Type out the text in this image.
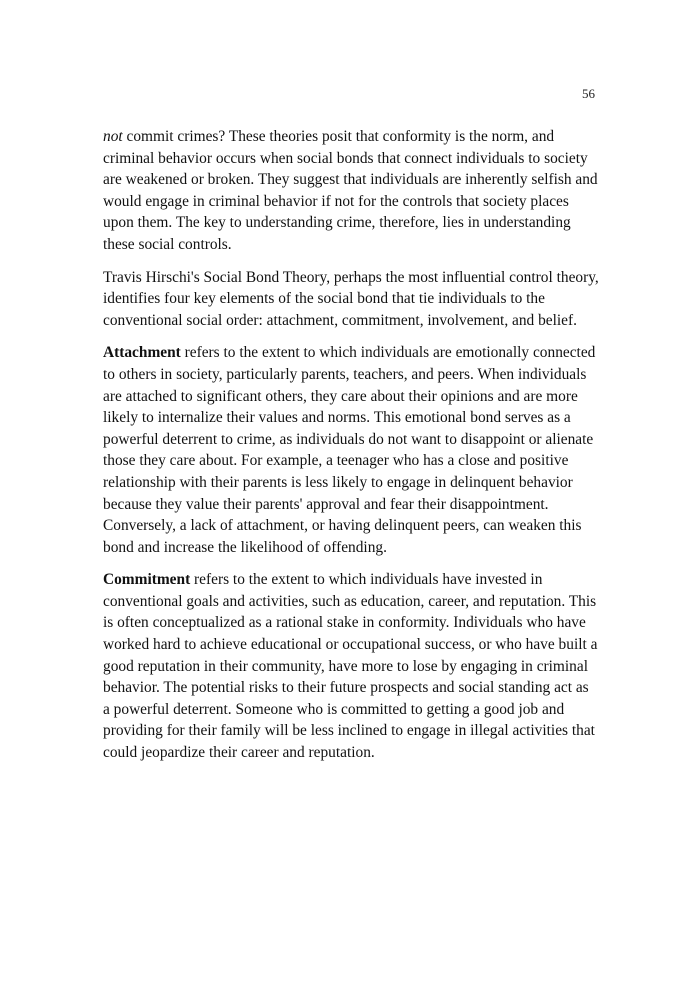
56

not commit crimes? These theories posit that conformity is the norm, and criminal behavior occurs when social bonds that connect individuals to society are weakened or broken. They suggest that individuals are inherently selfish and would engage in criminal behavior if not for the controls that society places upon them. The key to understanding crime, therefore, lies in understanding these social controls.

Travis Hirschi's Social Bond Theory, perhaps the most influential control theory, identifies four key elements of the social bond that tie individuals to the conventional social order: attachment, commitment, involvement, and belief.

Attachment refers to the extent to which individuals are emotionally connected to others in society, particularly parents, teachers, and peers. When individuals are attached to significant others, they care about their opinions and are more likely to internalize their values and norms. This emotional bond serves as a powerful deterrent to crime, as individuals do not want to disappoint or alienate those they care about. For example, a teenager who has a close and positive relationship with their parents is less likely to engage in delinquent behavior because they value their parents' approval and fear their disappointment. Conversely, a lack of attachment, or having delinquent peers, can weaken this bond and increase the likelihood of offending.

Commitment refers to the extent to which individuals have invested in conventional goals and activities, such as education, career, and reputation. This is often conceptualized as a rational stake in conformity. Individuals who have worked hard to achieve educational or occupational success, or who have built a good reputation in their community, have more to lose by engaging in criminal behavior. The potential risks to their future prospects and social standing act as a powerful deterrent. Someone who is committed to getting a good job and providing for their family will be less inclined to engage in illegal activities that could jeopardize their career and reputation.
